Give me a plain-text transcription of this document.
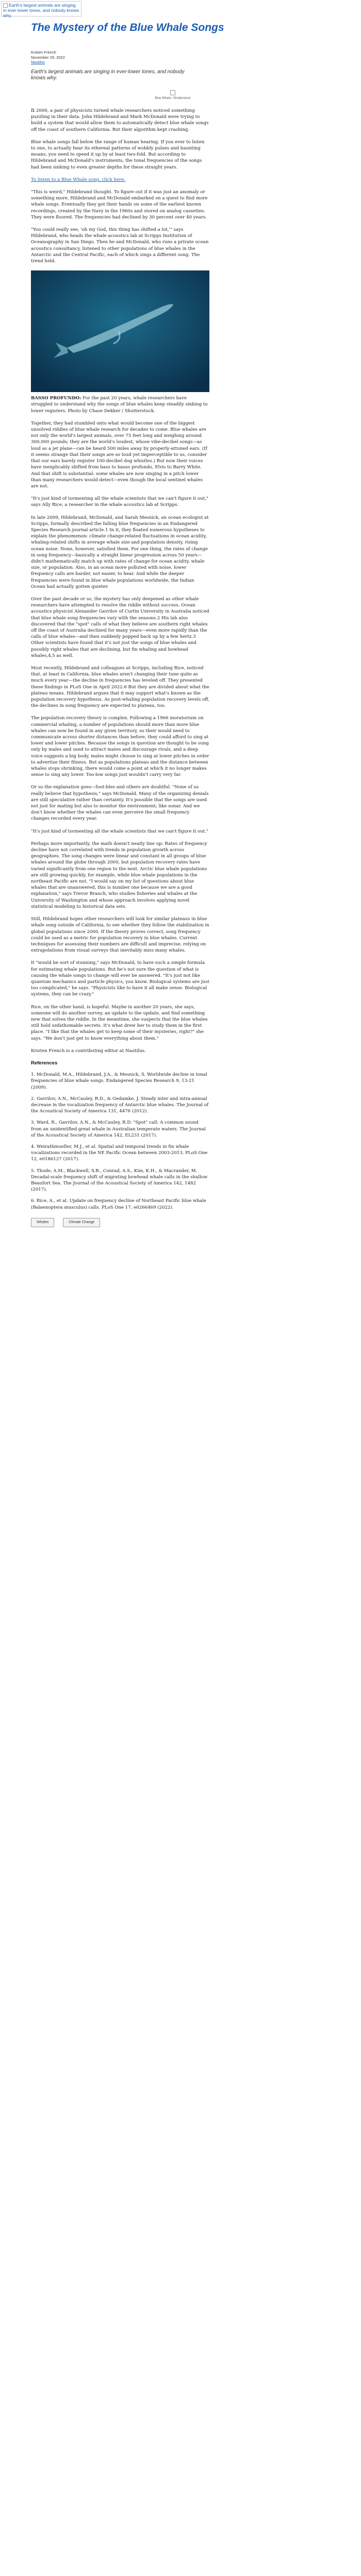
Earth's largest animals are singing in ever-lower tones, and nobody knows why.
The Mystery of the Blue Whale Songs
Kristen French
November 29, 2022
Nautilus
Earth's largest animals are singing in ever-lower tones, and nobody knows why.
Blue Whale / Shutterstock

n 2000, a pair of physicists turned whale researchers noticed something puzzling in their data. John Hildebrand and Mark McDonald were trying to build a system that would allow them to automatically detect blue whale songs off the coast of southern California. But their algorithm kept crashing.

Blue whale songs fall below the range of human hearing. If you ever to listen to one, to actually hear its ethereal patterns of wobbly pulses and haunting moans, you need to speed it up by at least two-fold. But according to Hildebrand and McDonald's instruments, the tonal frequencies of the songs had been sinking to even greater depths for these straight years.

To listen to a Blue Whale song, click here.

"This is weird," Hildebrand thought. To figure out if it was just an anomaly or something more, Hildebrand and McDonald embarked on a quest to find more whale songs. Eventually they got their hands on some of the earliest known recordings, created by the Navy in the 1960s and stored on analog cassettes. They were floored. The frequencies had declined by 30 percent over 40 years.

"You could really see, 'oh my God, this thing has shifted a lot,'" says Hildebrand, who heads the whale acoustics lab at Scripps Institution of Oceanography in San Diego. Then he and McDonald, who runs a private ocean acoustics consultancy, listened to other populations of blue whales in the Antarctic and the Central Pacific, each of which sings a different song. The trend held.

BASSO PROFUNDO: For the past 20 years, whale researchers have struggled to understand why the songs of blue whales keep steadily sinking to lower registers. Photo by Chase Dekker / Shutterstock.

Together, they had stumbled onto what would become one of the biggest unsolved riddles of blue whale research for decades to come. Blue whales are not only the world's largest animals, over 75 feet long and weighing around 300,000 pounds; they are the world's loudest, whose vibe-decibel songs—as loud as a jet plane—can be heard 500 miles away by properly-attuned ears. (If it seems strange that their songs are so loud yet imperceptible to us, consider that our ears barely register 100-decibel dog whistles.) But now their voices have inexplicably shifted from bass to basso profundo, Elvis to Barry White. And that shift is substantial: some whales are now singing in a pitch lower than many researchers would detect—even though the local sentinel whales are not.

"It's just kind of tormenting all the whale scientists that we can't figure it out," says Ally Rice, a researcher in the whale acoustics lab at Scripps.

In late 2009, Hildebrand, McDonald, and Sarah Mesnick, an ocean ecologist at Scripps, formally described the falling blue frequencies in an Endangered Species Research journal article.1 In it, they floated numerous hypotheses to explain the phenomenon: climate change-related fluctuations in ocean acidity, whaling-related shifts in average whale size and population density, rising ocean noise. None, however, satisfied them. For one thing, the rates of change in song frequency—basically a straight linear progression across 50 years—didn't mathematically match up with rates of change for ocean acidity, whale size, or population. Also, in an ocean more polluted with noise, lower frequency calls are harder, not easier, to hear. And while the deeper frequencies were found in blue whale populations worldwide, the Indian Ocean had actually gotten quieter.

Over the past decade or so, the mystery has only deepened as other whale researchers have attempted to resolve the riddle without success. Ocean acoustics physicist Alexander Gavrilov of Curtin University in Australia noticed that blue whale song frequencies vary with the seasons.2 His lab also discovered that the "spot" calls of what they believe are southern right whales off the coast of Australia declined for many years—even more rapidly than the calls of blue whales—and then suddenly popped back up by a few hertz.3 Other scientists have found that it's not just the songs of blue whales and possibly right whales that are declining, but fin whaling and bowhead whales,4,5 as well.

Most recently, Hildebrand and colleagues at Scripps, including Rice, noticed that, at least in California, blue whales aren't changing their tune quite as much every year—the decline in frequencies has leveled off. They presented these findings in PLoS One in April 2022.6 But they are divided about what the plateau means. Hildebrand argues that it may support what's known as the population recovery hypothesis. As post-whaling population recovery levels off, the declines in song frequency are expected to plateau, too.

The population recovery theory is complex. Following a 1966 moratorium on commercial whaling, a number of populations should more than more blue whales can now be found in any given territory, so their would need to communicate across shorter distances than before, they could afford to sing at lower and lower pitches. Because the songs in question are thought to be sung only by males and used to attract mates and discourage rivals, and a deep voice suggests a big body, males might choose to sing at lower pitches in order to advertise their fitness. But as populations plateau and the distance between whales stops shrinking, there would come a point at which it no longer makes sense to sing any lower. Too-low songs just wouldn't carry very far.

Or so the explanation goes—foot-bles and others are doubtful. "None of us really believe that hypothesis," says McDonald. Many of the organizing denials are still speculative rather than certainty. It's possible that the songs are used not just for mating but also to monitor the environment, like sonar. And we don't know whether the whales can even perceive the small frequency changes recorded every year.

"It's just kind of tormenting all the whale scientists that we can't figure it out."

Perhaps more importantly, the math doesn't neatly line up: Rates of frequency decline have not correlated with trends in population growth across geographies. The song changes were linear and constant in all groups of blue whales around the globe through 2000, but population recovery rates have varied significantly from one region to the next. Arctic blue whale populations are still growing quickly, for example, while blue whale populations in the northeast Pacific are not. "I would say on my list of questions about blue whales that are unanswered, this is number one because we are a good explanation," says Trevor Branch, who studies fisheries and whales at the University of Washington and whose approach involves applying novel statistical modeling to historical data sets.

Still, Hildebrand hopes other researchers will look for similar plateaus in blue whale song outside of California, to see whether they follow the stabilization in global populations since 2000. If the theory proves correct, song frequency could be used as a metric for population recovery in blue whales. Current techniques for assessing their numbers are difficult and imprecise, relying on extrapolations from visual surveys that inevitably miss many whales.

It "would be sort of stunning," says McDonald, to have such a simple formula for estimating whale populations. But he's not sure the question of what is causing the whale songs to change will ever be answered. "It's just not like quantum mechanics and particle physics, you know. Biological systems are just too complicated," he says. "Physicists like to have it all make sense. Biological systems, they can be crazy."

Rice, on the other hand, is hopeful. Maybe in another 20 years, she says, someone will do another survey, an update to the update, and find something new that solves the riddle. In the meantime, she suspects that the blue whales still hold unfathomable secrets. It's what drew her to study them in the first place. "I like that the whales get to keep some of their mysteries, right?" she says. "We don't just get to know everything about them."

Kristen French is a contributing editor at Nautilus.

References

1. McDonald, M.A., Hildebrand, J.A., & Mesnick, S. Worldwide decline in tonal frequencies of blue whale songs. Endangered Species Research 9, 13-21 (2009).

2. Gavrilov, A.N., McCauley, R.D., & Gedamke, J. Steady inter and intra-annual decrease in the vocalization frequency of Antarctic blue whales. The Journal of the Acoustical Society of America 131, 4476 (2012).

3. Ward, R., Gavrilov, A.N., & McCauley, R.D. "Spot" call: A common sound from an unidentified great whale in Australian temperate waters. The Journal of the Acoustical Society of America 142, EL231 (2017).

4. Weirathmueller, M.J., et al. Spatial and temporal trends in fin whale vocalizations recorded in the NE Pacific Ocean between 2003-2013. PLoS One 12, e0186127 (2017).

5. Thode, A.M., Blackwell, S.B., Conrad, A.S., Kim, K.H., & Macrander, M. Decadal-scale frequency shift of migrating bowhead whale calls in the shallow Beaufort Sea. The Journal of the Acoustical Society of America 142, 1482 (2017).

6. Rice, A., et al. Update on frequency decline of Northeast Pacific blue whale (Balaenoptera musculus) calls. PLoS One 17, e0266469 (2022).

Whales	Climate Change
